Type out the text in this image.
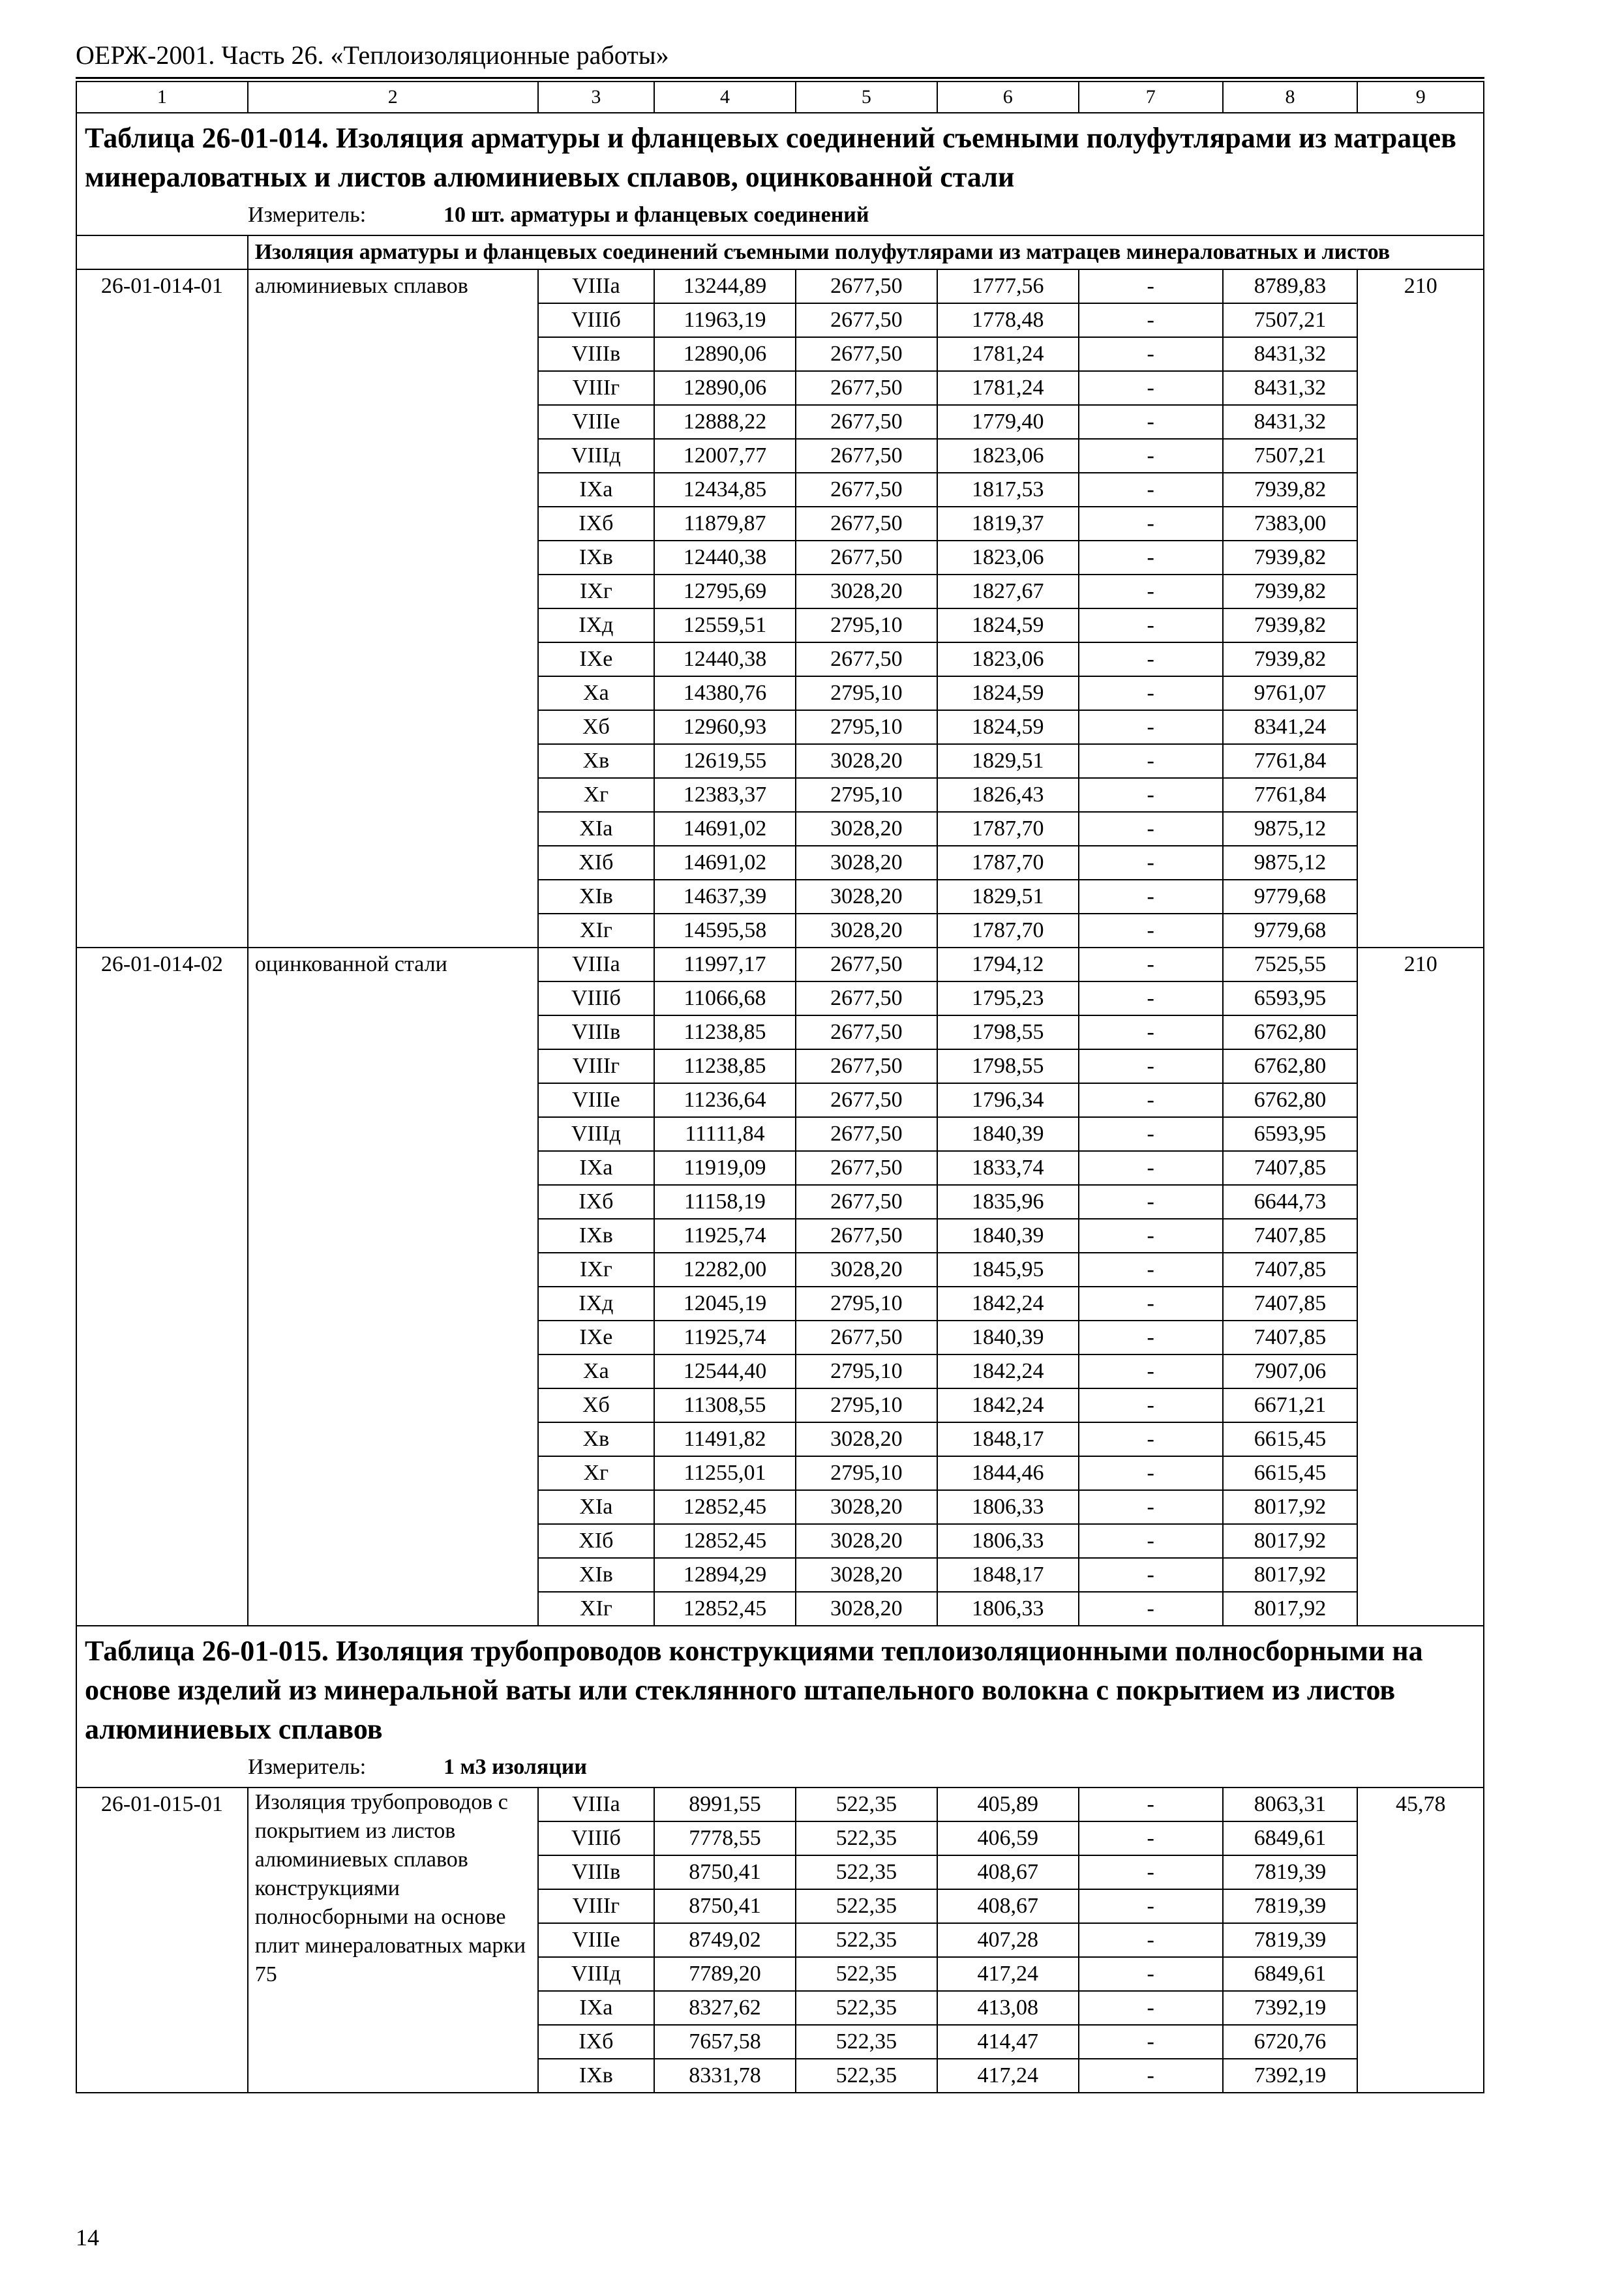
ОЕРЖ-2001. Часть 26. «Теплоизоляционные работы»
1	2	3	4	5	6	7	8	9

Таблица 26-01-014. Изоляция арматуры и фланцевых соединений съемными полуфутлярами из матрацев минераловатных и листов алюминиевых сплавов, оцинкованной стали
Измеритель: 10 шт. арматуры и фланцевых соединений								

	Изоляция арматуры и фланцевых соединений съемными полуфутлярами из матрацев минераловатных и листов							
26-01-014-01	алюминиевых сплавов	VIIIа	13244,89	2677,50	1777,56	-	8789,83	210
		VIIIб	11963,19	2677,50	1778,48	-	7507,21	
		VIIIв	12890,06	2677,50	1781,24	-	8431,32	
		VIIIг	12890,06	2677,50	1781,24	-	8431,32	
		VIIIе	12888,22	2677,50	1779,40	-	8431,32	
		VIIIд	12007,77	2677,50	1823,06	-	7507,21	
		IXа	12434,85	2677,50	1817,53	-	7939,82	
		IXб	11879,87	2677,50	1819,37	-	7383,00	
		IXв	12440,38	2677,50	1823,06	-	7939,82	
		IXг	12795,69	3028,20	1827,67	-	7939,82	
		IXд	12559,51	2795,10	1824,59	-	7939,82	
		IXе	12440,38	2677,50	1823,06	-	7939,82	
		Xа	14380,76	2795,10	1824,59	-	9761,07	
		Xб	12960,93	2795,10	1824,59	-	8341,24	
		Xв	12619,55	3028,20	1829,51	-	7761,84	
		Xг	12383,37	2795,10	1826,43	-	7761,84	
		XIа	14691,02	3028,20	1787,70	-	9875,12	
		XIб	14691,02	3028,20	1787,70	-	9875,12	
		XIв	14637,39	3028,20	1829,51	-	9779,68	
		XIг	14595,58	3028,20	1787,70	-	9779,68	
26-01-014-02	оцинкованной стали	VIIIа	11997,17	2677,50	1794,12	-	7525,55	210
		VIIIб	11066,68	2677,50	1795,23	-	6593,95	
		VIIIв	11238,85	2677,50	1798,55	-	6762,80	
		VIIIг	11238,85	2677,50	1798,55	-	6762,80	
		VIIIе	11236,64	2677,50	1796,34	-	6762,80	
		VIIIд	11111,84	2677,50	1840,39	-	6593,95	
		IXа	11919,09	2677,50	1833,74	-	7407,85	
		IXб	11158,19	2677,50	1835,96	-	6644,73	
		IXв	11925,74	2677,50	1840,39	-	7407,85	
		IXг	12282,00	3028,20	1845,95	-	7407,85	
		IXд	12045,19	2795,10	1842,24	-	7407,85	
		IXе	11925,74	2677,50	1840,39	-	7407,85	
		Xа	12544,40	2795,10	1842,24	-	7907,06	
		Xб	11308,55	2795,10	1842,24	-	6671,21	
		Xв	11491,82	3028,20	1848,17	-	6615,45	
		Xг	11255,01	2795,10	1844,46	-	6615,45	
		XIа	12852,45	3028,20	1806,33	-	8017,92	
		XIб	12852,45	3028,20	1806,33	-	8017,92	
		XIв	12894,29	3028,20	1848,17	-	8017,92	
		XIг	12852,45	3028,20	1806,33	-	8017,92	

Таблица 26-01-015. Изоляция трубопроводов конструкциями теплоизоляционными полносборными на основе изделий из минеральной ваты или стеклянного штапельного волокна с покрытием из листов алюминиевых сплавов
Измеритель: 1 м3 изоляции								

26-01-015-01	Изоляция трубопроводов с покрытием из листов алюминиевых сплавов конструкциями полносборными на основе плит минераловатных марки 75	VIIIа	8991,55	522,35	405,89	-	8063,31	45,78
		VIIIб	7778,55	522,35	406,59	-	6849,61	
		VIIIв	8750,41	522,35	408,67	-	7819,39	
		VIIIг	8750,41	522,35	408,67	-	7819,39	
		VIIIе	8749,02	522,35	407,28	-	7819,39	
		VIIIд	7789,20	522,35	417,24	-	6849,61	
		IXа	8327,62	522,35	413,08	-	7392,19	
		IXб	7657,58	522,35	414,47	-	6720,76	
		IXв	8331,78	522,35	417,24	-	7392,19	
14
